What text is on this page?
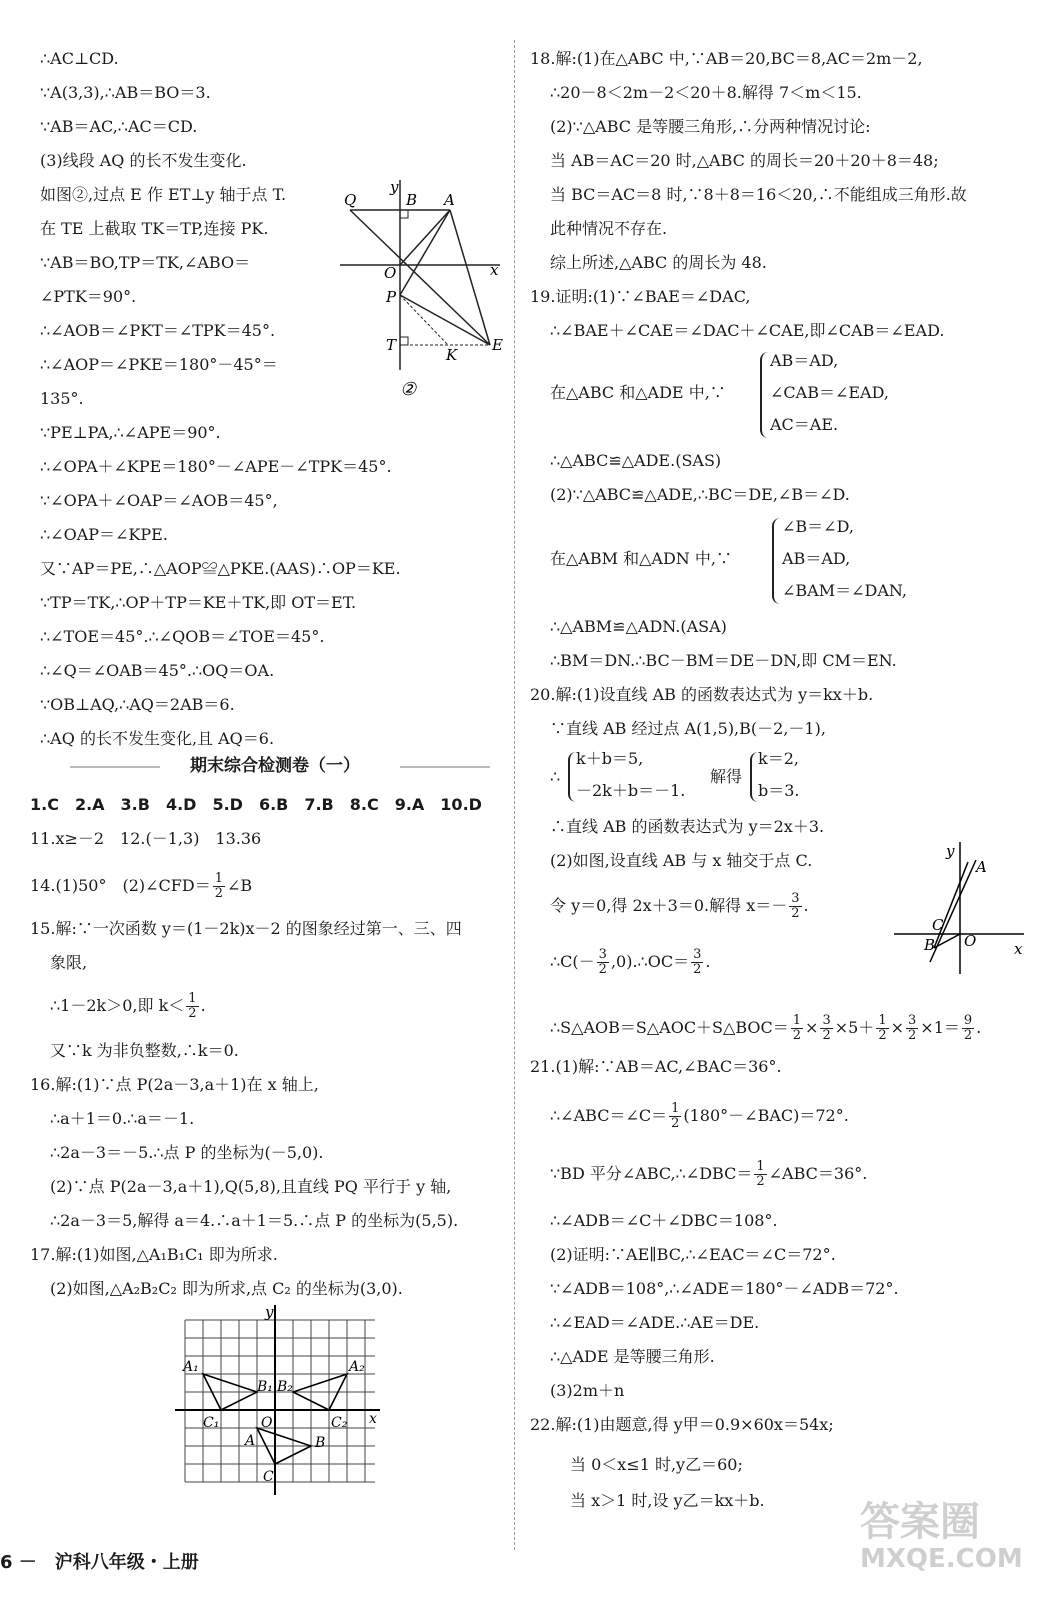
∴AC⊥CD.
∵A(3,3),∴AB＝BO＝3.
∵AB＝AC,∴AC＝CD.
(3)线段 AQ 的长不发生变化.
如图②,过点 E 作 ET⊥y 轴于点 T.
在 TE 上截取 TK＝TP,连接 PK.
∵AB＝BO,TP＝TK,∠ABO＝
∠PTK＝90°.
∴∠AOB＝∠PKT＝∠TPK＝45°.
∴∠AOP＝∠PKE＝180°－45°＝
135°.
∵PE⊥PA,∴∠APE＝90°.
∴∠OPA＋∠KPE＝180°－∠APE－∠TPK＝45°.
∵∠OPA＋∠OAP＝∠AOB＝45°,
∴∠OAP＝∠KPE.
又∵AP＝PE,∴△AOP≌△PKE.(AAS)∴OP＝KE.
∵TP＝TK,∴OP＋TP＝KE＋TK,即 OT＝ET.
∴∠TOE＝45°.∴∠QOB＝∠TOE＝45°.
∴∠Q＝∠OAB＝45°.∴OQ＝OA.
∵OB⊥AQ,∴AQ＝2AB＝6.
∴AQ 的长不发生变化,且 AQ＝6.
y
B A
Q
O	x
P
T
K
E
②
期末综合检测卷（一）
1.C　2.A　3.B　4.D　5.D　6.B　7.B　8.C　9.A　10.D
11.x≥－2　12.(－1,3)　13.36
14.(1)50°　(2)∠CFD＝ $\frac{1}{2}$ ∠B
15.解:∵一次函数 y＝(1－2k)x－2 的图象经过第一、三、四
象限,
∴1－2k＞0,即 $k< \frac{1}{2}$ .
又∵k 为非负整数,∴k＝0.
16.解:(1)∵点 P(2a－3,a＋1)在 x 轴上,
∴a＋1＝0.∴a＝－1.
∴2a－3＝－5.∴点 P 的坐标为(－5,0).
(2)∵点 P(2a－3,a＋1),Q(5,8),且直线 PQ 平行于 y 轴,
∴2a－3＝5,解得 a＝4.∴a＋1＝5.∴点 P 的坐标为(5,5).
17.解:(1)如图,△A₁B₁C₁ 即为所求.
(2)如图,△A₂B₂C₂ 即为所求,点 C₂ 的坐标为(3,0).
y
A₁
B₁ B₂
A₂
C₁	O	C₂ x
A	B
C
18.解:(1)在△ABC 中,∵AB＝20,BC＝8,AC＝2m－2,
∴20－8＜2m－2＜20＋8.解得 7＜m＜15.
(2)∵△ABC 是等腰三角形,∴分两种情况讨论:
当 AB＝AC＝20 时,△ABC 的周长＝20＋20＋8＝48;
当 BC＝AC＝8 时,∵8＋8＝16＜20,∴不能组成三角形.故
此种情况不存在.
综上所述,△ABC 的周长为 48.
19.证明:(1)∵∠BAE＝∠DAC,
∴∠BAE＋∠CAE＝∠DAC＋∠CAE,即∠CAB＝∠EAD.
在△ABC 和△ADE 中,∵
AB＝AD,
∠CAB＝∠EAD,
AC＝AE.
∴△ABC≌△ADE.(SAS)
(2)∵△ABC≌△ADE,∴BC＝DE,∠B＝∠D.
在△ABM 和△ADN 中,∵
∠B＝∠D,
AB＝AD,
∠BAM＝∠DAN,
∴△ABM≌△ADN.(ASA)
∴BM＝DN.∴BC－BM＝DE－DN,即 CM＝EN.
20.解:(1)设直线 AB 的函数表达式为 y＝kx＋b.
∵直线 AB 经过点 A(1,5),B(－2,－1),
∴
k＋b＝5,
－2k＋b＝－1.
解得
k＝2,
b＝3.
∴直线 AB 的函数表达式为 y＝2x＋3.
(2)如图,设直线 AB 与 x 轴交于点 C.
令 y＝0,得 2x＋3＝0.解得 $x=- \frac{3}{2}$ .
∴C(－ $\frac{3}{2}$ ,0).∴OC＝ $\frac{3}{2}$ .
∴S△AOB＝S△AOC＋S△BOC＝ $\frac{1}{2} \times \frac{3}{2} \times 5+ \frac{1}{2} \times \frac{3}{2} \times 1= \frac{9}{2}$ .
y
A
C
B O	x
21.(1)解:∵AB＝AC,∠BAC＝36°.
∴∠ABC＝∠C＝ $\frac{1}{2}$ (180°－∠BAC)＝72°.
∵BD 平分∠ABC,∴∠DBC＝ $\frac{1}{2}$ ∠ABC＝36°.
∴∠ADB＝∠C＋∠DBC＝108°.
(2)证明:∵AE∥BC,∴∠EAC＝∠C＝72°.
∵∠ADB＝108°,∴∠ADE＝180°－∠ADB＝72°.
∴∠EAD＝∠ADE.∴AE＝DE.
∴△ADE 是等腰三角形.
(3)2m＋n
22.解:(1)由题意,得 y甲＝0.9×60x＝54x;
当 0＜x≤1 时,y乙＝60;
当 x＞1 时,设 y乙＝kx＋b.
6 －　沪科八年级・上册
答案圈
MXQE.COM
